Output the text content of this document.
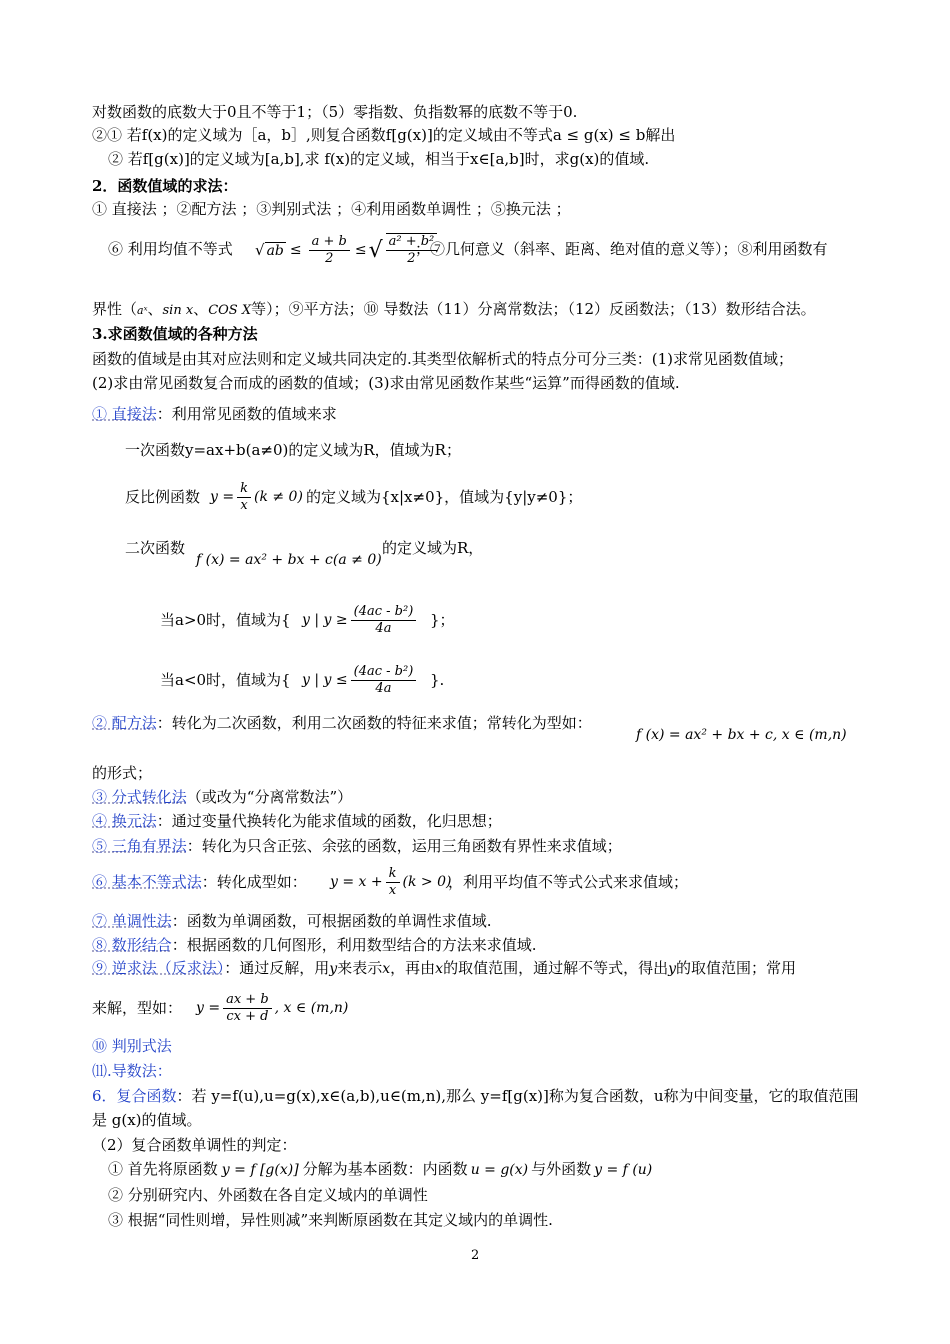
对数函数的底数大于0且不等于1；（5）零指数、负指数幂的底数不等于0.
②① 若f(x)的定义域为［a，b］,则复合函数f[g(x)]的定义域由不等式a ≤ g(x) ≤ b解出
② 若f[g(x)]的定义域为[a,b],求 f(x)的定义域，相当于x∈[a,b]时，求g(x)的值域.
2．函数值域的求法：
① 直接法 ；②配方法 ；③判别式法 ；④利用函数单调性 ；⑤换元法 ；
⑥ 利用均值不等式 √ ab ≤ $\frac{a + b}{2}$ ≤ √ $\frac{\text{a² + b²}}{2}$
；⑦几何意义（斜率、距离、绝对值的意义等）；⑧利用函数有
界性（aˣ、sin x、COS X等）；⑨平方法；⑩ 导数法（11）分离常数法；（12）反函数法；（13）数形结合法。
3.求函数值域的各种方法
函数的值域是由其对应法则和定义域共同决定的.其类型依解析式的特点分可分三类：(1)求常见函数值域；
(2)求由常见函数复合而成的函数的值域；(3)求由常见函数作某些“运算”而得函数的值域.
① 直接法：利用常见函数的值域来求
一次函数y=ax+b(a≠0)的定义域为R，值域为R；
反比例函数 $y = \frac{k}{x} (k \ne 0)$ 的定义域为{x|x≠0}，值域为{y|y≠0}；
二次函数
f (x) = ax² + bx + c(a ≠ 0)
的定义域为R，
当a>0时，值域为{ y | $y \ge \frac{\text{(4ac - b²)}}{4a}$ }；
当a<0时，值域为{ y | $y \le \frac{\text{(4ac - b²)}}{4a}$ }.
② 配方法：转化为二次函数，利用二次函数的特征来求值；常转化为型如：
f (x) = ax² + bx + c, x ∈ (m,n)
的形式；
③ 分式转化法（或改为“分离常数法”）
④ 换元法：通过变量代换转化为能求值域的函数，化归思想；
⑤ 三角有界法：转化为只含正弦、余弦的函数，运用三角函数有界性来求值域；
⑥ 基本不等式法：转化成型如： $y = x + \frac{k}{x} (k > 0)$
，利用平均值不等式公式来求值域；
⑦ 单调性法：函数为单调函数，可根据函数的单调性求值域.
⑧ 数形结合：根据函数的几何图形，利用数型结合的方法来求值域.
⑨ 逆求法（反求法）：通过反解，用y来表示x，再由x的取值范围，通过解不等式，得出y的取值范围；常用
来解，型如： $y = \frac{ax + b}{cx + d}$ , x ∈ (m,n)
⑩ 判别式法
⑾.导数法：
6．复合函数：若 y=f(u),u=g(x),x∈(a,b),u∈(m,n),那么 y=f[g(x)]称为复合函数，u称为中间变量，它的取值范围
是 g(x)的值域。
（2）复合函数单调性的判定：
① 首先将原函数 y = f [g(x)] 分解为基本函数：内函数 u = g(x) 与外函数 y = f (u)
② 分别研究内、外函数在各自定义域内的单调性
③ 根据“同性则增，异性则减”来判断原函数在其定义域内的单调性.
2
